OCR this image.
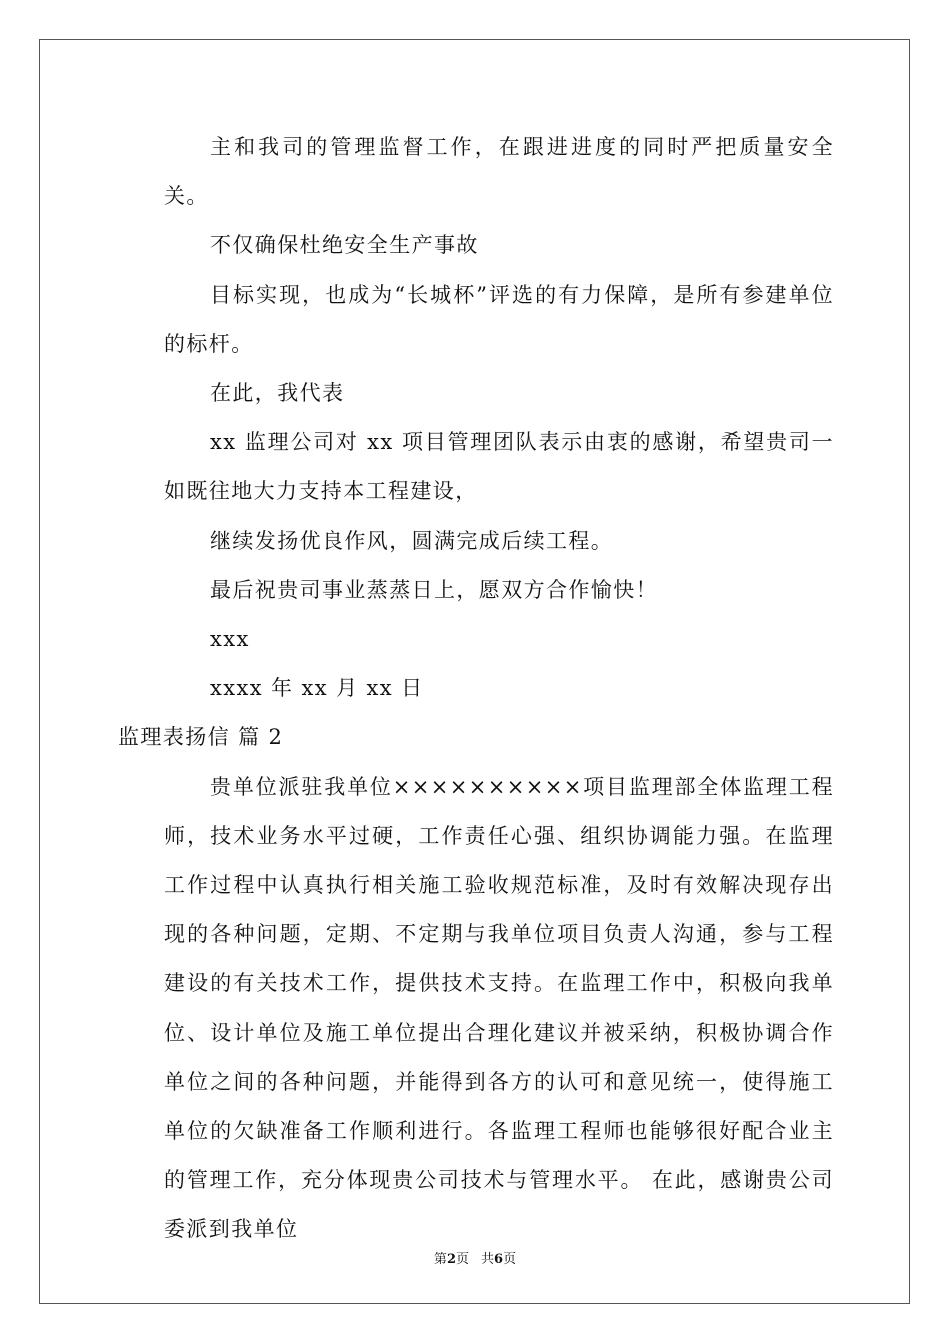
主和我司的管理监督工作，在跟进进度的同时严把质量安全关。

不仅确保杜绝安全生产事故

目标实现，也成为“长城杯”评选的有力保障，是所有参建单位的标杆。

在此，我代表

xx 监理公司对 xx 项目管理团队表示由衷的感谢，希望贵司一如既往地大力支持本工程建设，

继续发扬优良作风，圆满完成后续工程。

最后祝贵司事业蒸蒸日上，愿双方合作愉快！

xxx

xxxx 年 xx 月 xx 日

监理表扬信 篇 2

贵单位派驻我单位××××××××××项目监理部全体监理工程师，技术业务水平过硬，工作责任心强、组织协调能力强。在监理工作过程中认真执行相关施工验收规范标准，及时有效解决现存出现的各种问题，定期、不定期与我单位项目负责人沟通，参与工程建设的有关技术工作，提供技术支持。在监理工作中，积极向我单位、设计单位及施工单位提出合理化建议并被采纳，积极协调合作单位之间的各种问题，并能得到各方的认可和意见统一，使得施工单位的欠缺准备工作顺利进行。各监理工程师也能够很好配合业主的管理工作，充分体现贵公司技术与管理水平。 在此，感谢贵公司委派到我单位

第2页 共6页
